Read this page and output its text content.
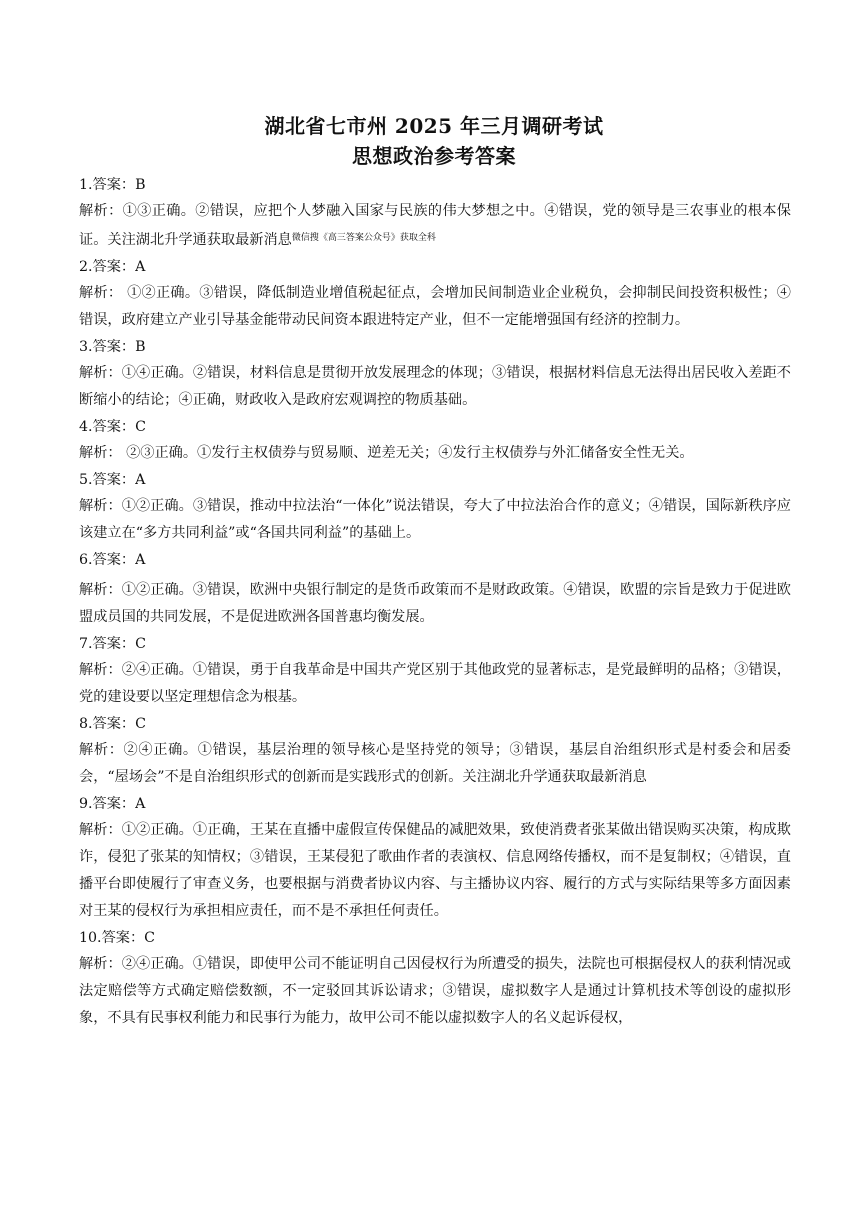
湖北省七市州 2025 年三月调研考试
思想政治参考答案
1.答案：B
解析：①③正确。②错误，应把个人梦融入国家与民族的伟大梦想之中。④错误，党的领导是三农事业的根本保证。关注湖北升学通获取最新消息$^{微信搜《高三答案公众号》获取全科}$
2.答案：A
解析： ①②正确。③错误，降低制造业增值税起征点，会增加民间制造业企业税负，会抑制民间投资积极性；④错误，政府建立产业引导基金能带动民间资本跟进特定产业，但不一定能增强国有经济的控制力。
3.答案：B
解析：①④正确。②错误，材料信息是贯彻开放发展理念的体现；③错误，根据材料信息无法得出居民收入差距不断缩小的结论；④正确，财政收入是政府宏观调控的物质基础。
4.答案：C
解析： ②③正确。①发行主权债券与贸易顺、逆差无关；④发行主权债券与外汇储备安全性无关。
5.答案：A
解析：①②正确。③错误，推动中拉法治“一体化”说法错误，夸大了中拉法治合作的意义；④错误，国际新秩序应该建立在“多方共同利益”或“各国共同利益”的基础上。
6.答案：A
解析：①②正确。③错误，欧洲中央银行制定的是货币政策而不是财政政策。④错误，欧盟的宗旨是致力于促进欧盟成员国的共同发展，不是促进欧洲各国普惠均衡发展。
7.答案：C
解析：②④正确。①错误，勇于自我革命是中国共产党区别于其他政党的显著标志，是党最鲜明的品格；③错误，党的建设要以坚定理想信念为根基。
8.答案：C
解析：②④正确。①错误，基层治理的领导核心是坚持党的领导；③错误，基层自治组织形式是村委会和居委会，“屋场会”不是自治组织形式的创新而是实践形式的创新。关注湖北升学通获取最新消息
9.答案：A
解析：①②正确。①正确，王某在直播中虚假宣传保健品的减肥效果，致使消费者张某做出错误购买决策，构成欺诈，侵犯了张某的知情权；③错误，王某侵犯了歌曲作者的表演权、信息网络传播权，而不是复制权；④错误，直播平台即使履行了审查义务，也要根据与消费者协议内容、与主播协议内容、履行的方式与实际结果等多方面因素对王某的侵权行为承担相应责任，而不是不承担任何责任。
10.答案：C
解析：②④正确。①错误，即使甲公司不能证明自己因侵权行为所遭受的损失，法院也可根据侵权人的获利情况或法定赔偿等方式确定赔偿数额，不一定驳回其诉讼请求；③错误，虚拟数字人是通过计算机技术等创设的虚拟形象，不具有民事权利能力和民事行为能力，故甲公司不能以虚拟数字人的名义起诉侵权，
